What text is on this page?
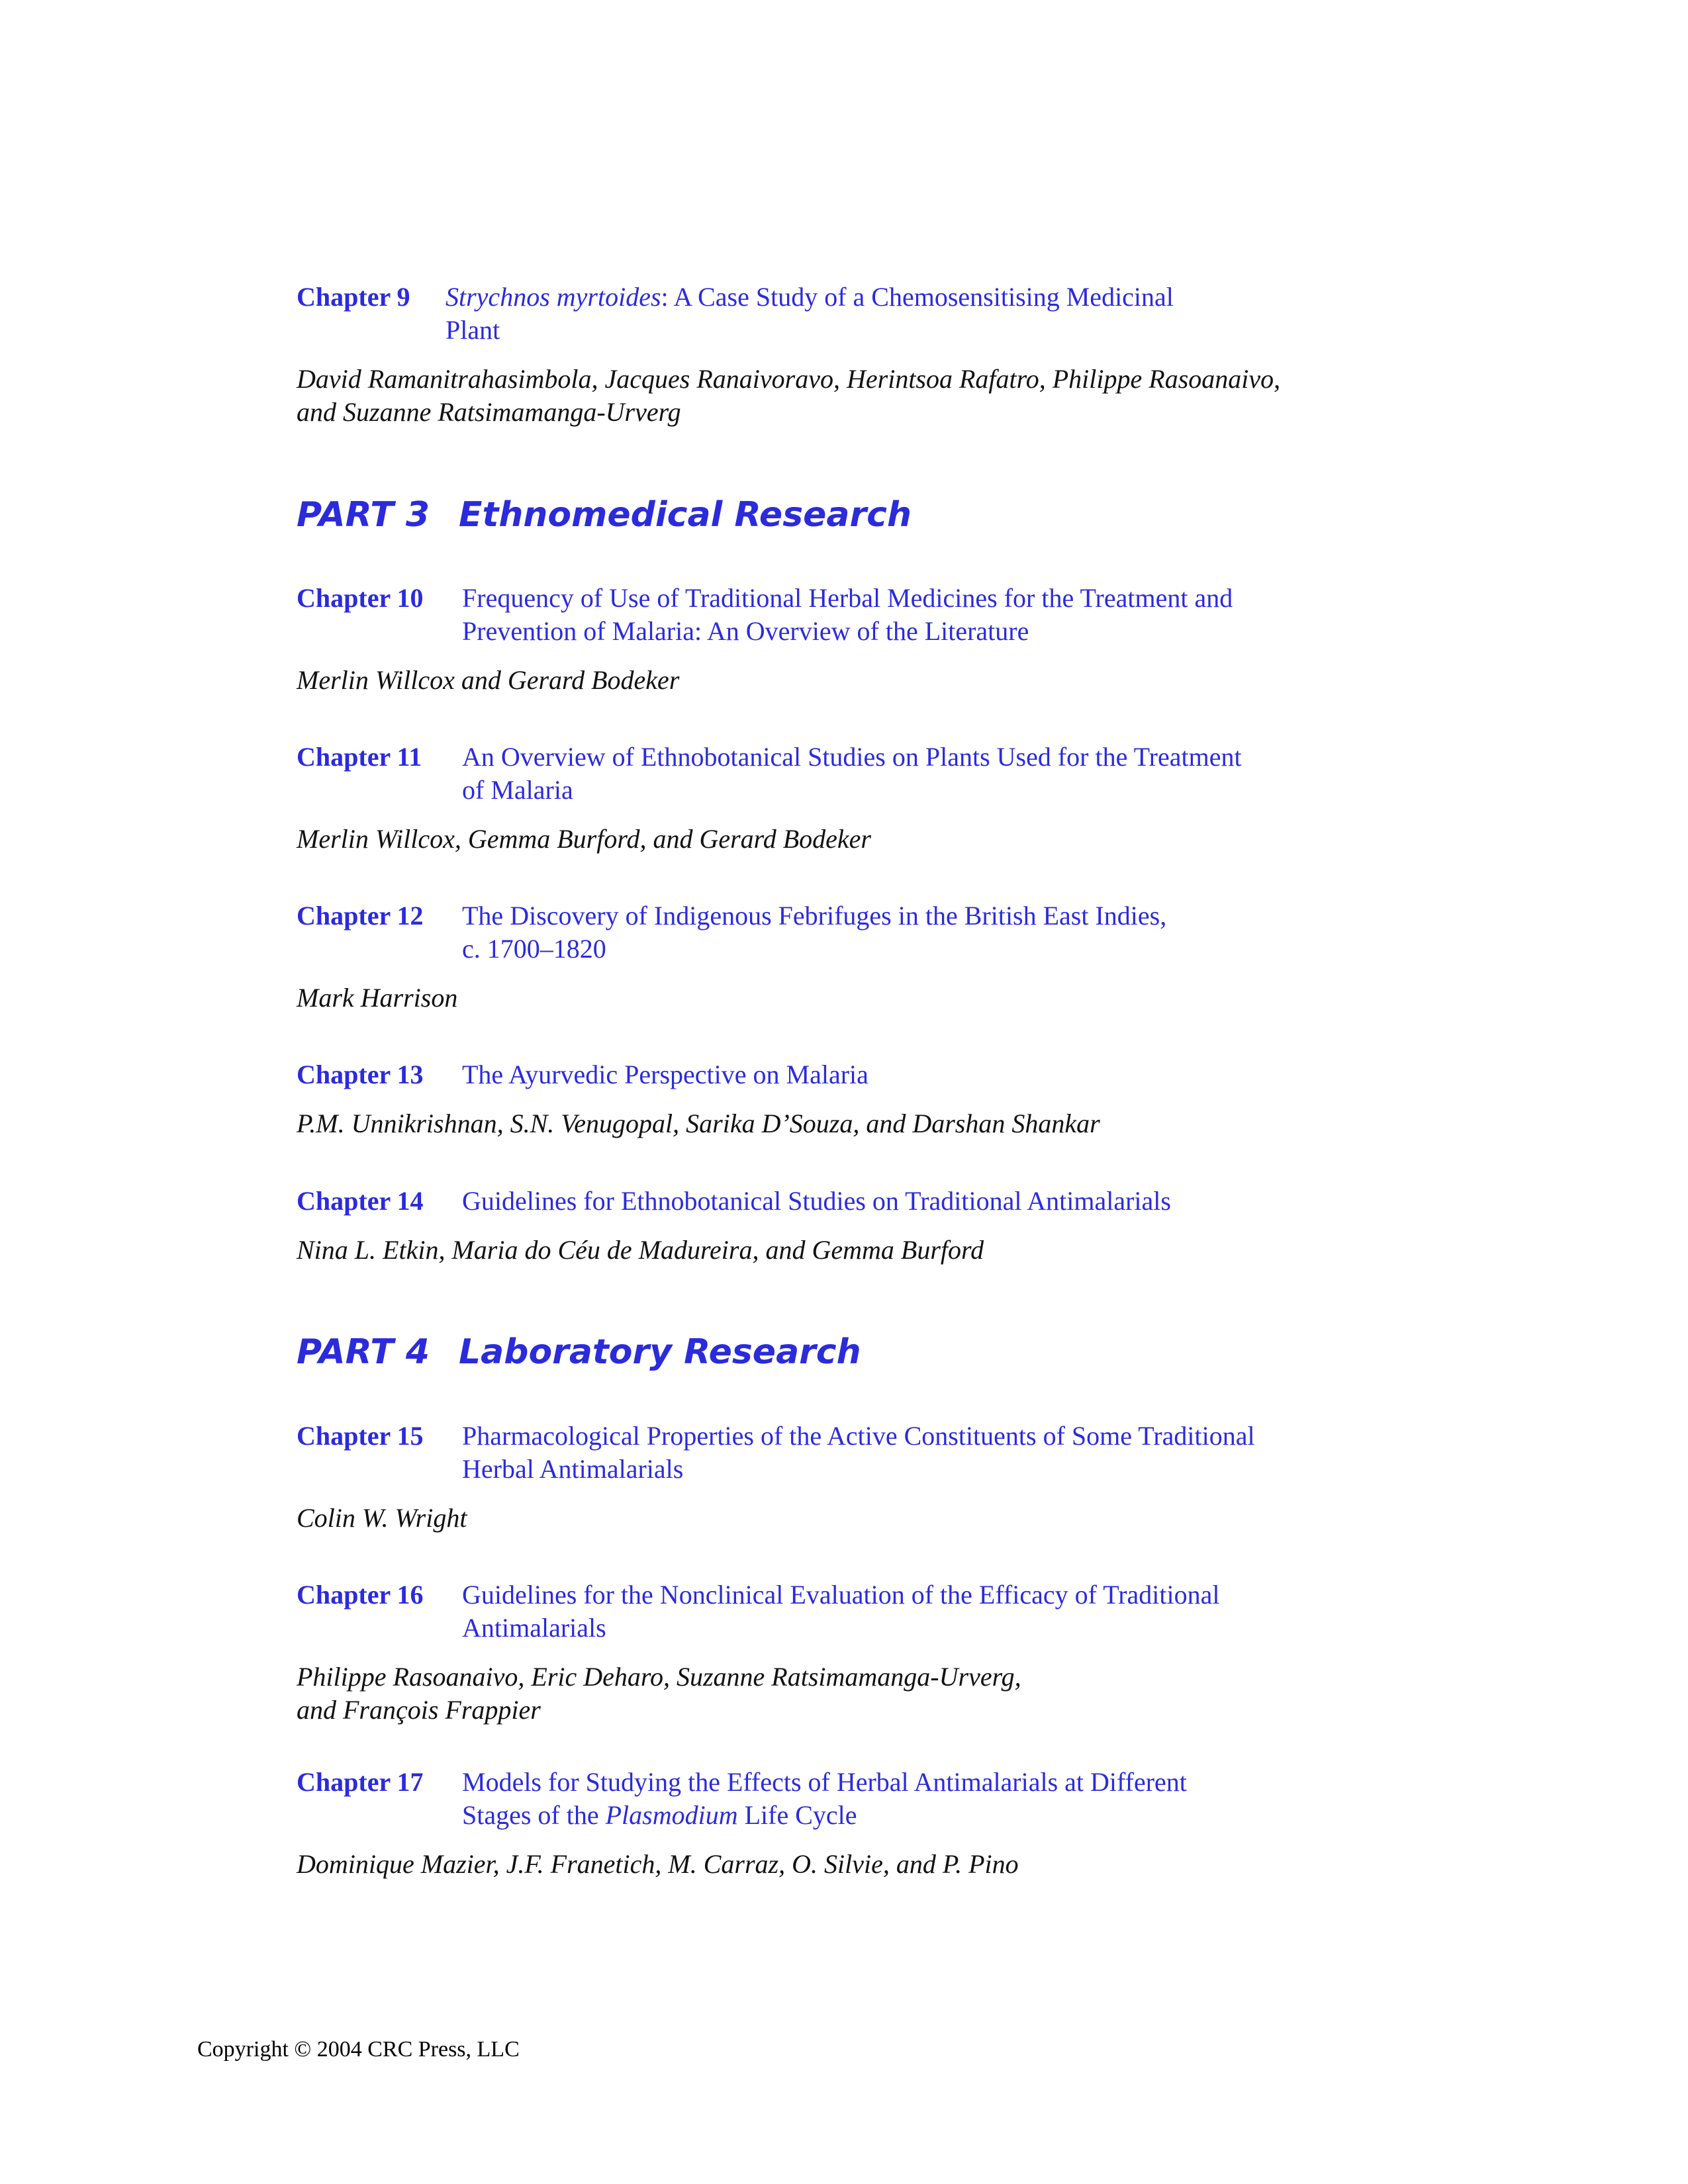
Chapter 9 Strychnos myrtoides: A Case Study of a Chemosensitising Medicinal
Plant
David Ramanitrahasimbola, Jacques Ranaivoravo, Herintsoa Rafatro, Philippe Rasoanaivo,
and Suzanne Ratsimamanga-Urverg
PART 3 Ethnomedical Research
Chapter 10 Frequency of Use of Traditional Herbal Medicines for the Treatment and
Prevention of Malaria: An Overview of the Literature
Merlin Willcox and Gerard Bodeker
Chapter 11 An Overview of Ethnobotanical Studies on Plants Used for the Treatment
of Malaria
Merlin Willcox, Gemma Burford, and Gerard Bodeker
Chapter 12 The Discovery of Indigenous Febrifuges in the British East Indies,
c. 1700–1820
Mark Harrison
Chapter 13 The Ayurvedic Perspective on Malaria
P.M. Unnikrishnan, S.N. Venugopal, Sarika D’Souza, and Darshan Shankar
Chapter 14 Guidelines for Ethnobotanical Studies on Traditional Antimalarials
Nina L. Etkin, Maria do Céu de Madureira, and Gemma Burford
PART 4 Laboratory Research
Chapter 15 Pharmacological Properties of the Active Constituents of Some Traditional
Herbal Antimalarials
Colin W. Wright
Chapter 16 Guidelines for the Nonclinical Evaluation of the Efficacy of Traditional
Antimalarials
Philippe Rasoanaivo, Eric Deharo, Suzanne Ratsimamanga-Urverg,
and François Frappier
Chapter 17 Models for Studying the Effects of Herbal Antimalarials at Different
Stages of the Plasmodium Life Cycle
Dominique Mazier, J.F. Franetich, M. Carraz, O. Silvie, and P. Pino
Copyright © 2004 CRC Press, LLC
